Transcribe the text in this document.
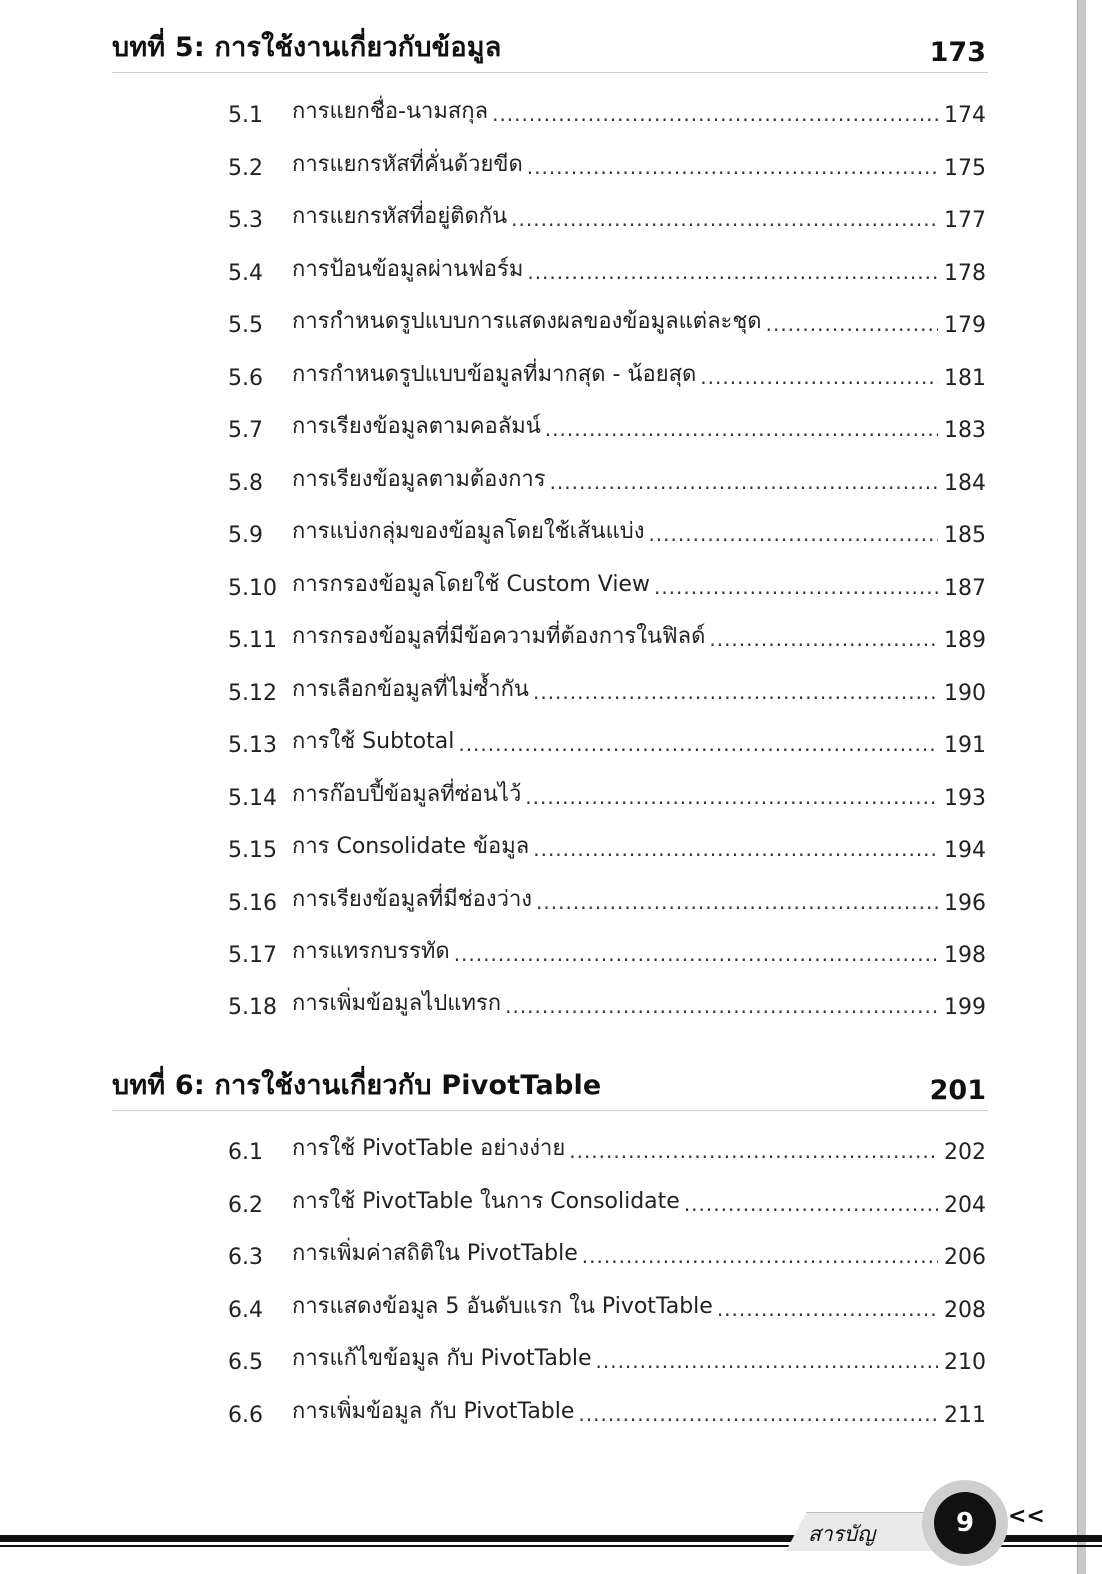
บทที่ 5: การใช้งานเกี่ยวกับข้อมูล	173
5.1	การแยกชื่อ-นามสกุล .....	174
5.2	การแยกรหัสที่คั่นด้วยขีด .....	175
5.3	การแยกรหัสที่อยู่ติดกัน .....	177
5.4	การป้อนข้อมูลผ่านฟอร์ม .....	178
5.5	การกำหนดรูปแบบการแสดงผลของข้อมูลแต่ละชุด .....	179
5.6	การกำหนดรูปแบบข้อมูลที่มากสุด - น้อยสุด .....	181
5.7	การเรียงข้อมูลตามคอลัมน์ .....	183
5.8	การเรียงข้อมูลตามต้องการ .....	184
5.9	การแบ่งกลุ่มของข้อมูลโดยใช้เส้นแบ่ง .....	185
5.10 การกรองข้อมูลโดยใช้ Custom View .....	187
5.11 การกรองข้อมูลที่มีข้อความที่ต้องการในฟิลด์ .....	189
5.12 การเลือกข้อมูลที่ไม่ซ้ำกัน .....	190
5.13 การใช้ Subtotal .....	191
5.14 การก๊อบปี้ข้อมูลที่ซ่อนไว้ .....	193
5.15 การ Consolidate ข้อมูล .....	194
5.16 การเรียงข้อมูลที่มีช่องว่าง .....	196
5.17 การแทรกบรรทัด .....	198
5.18 การเพิ่มข้อมูลไปแทรก .....	199
บทที่ 6: การใช้งานเกี่ยวกับ PivotTable	201
6.1	การใช้ PivotTable อย่างง่าย .....	202
6.2	การใช้ PivotTable ในการ Consolidate .....	204
6.3	การเพิ่มค่าสถิติใน PivotTable .....	206
6.4	การแสดงข้อมูล 5 อันดับแรก ใน PivotTable .....	208
6.5	การแก้ไขข้อมูล กับ PivotTable .....	210
6.6	การเพิ่มข้อมูล กับ PivotTable .....	211
สารบัญ	9	<<
